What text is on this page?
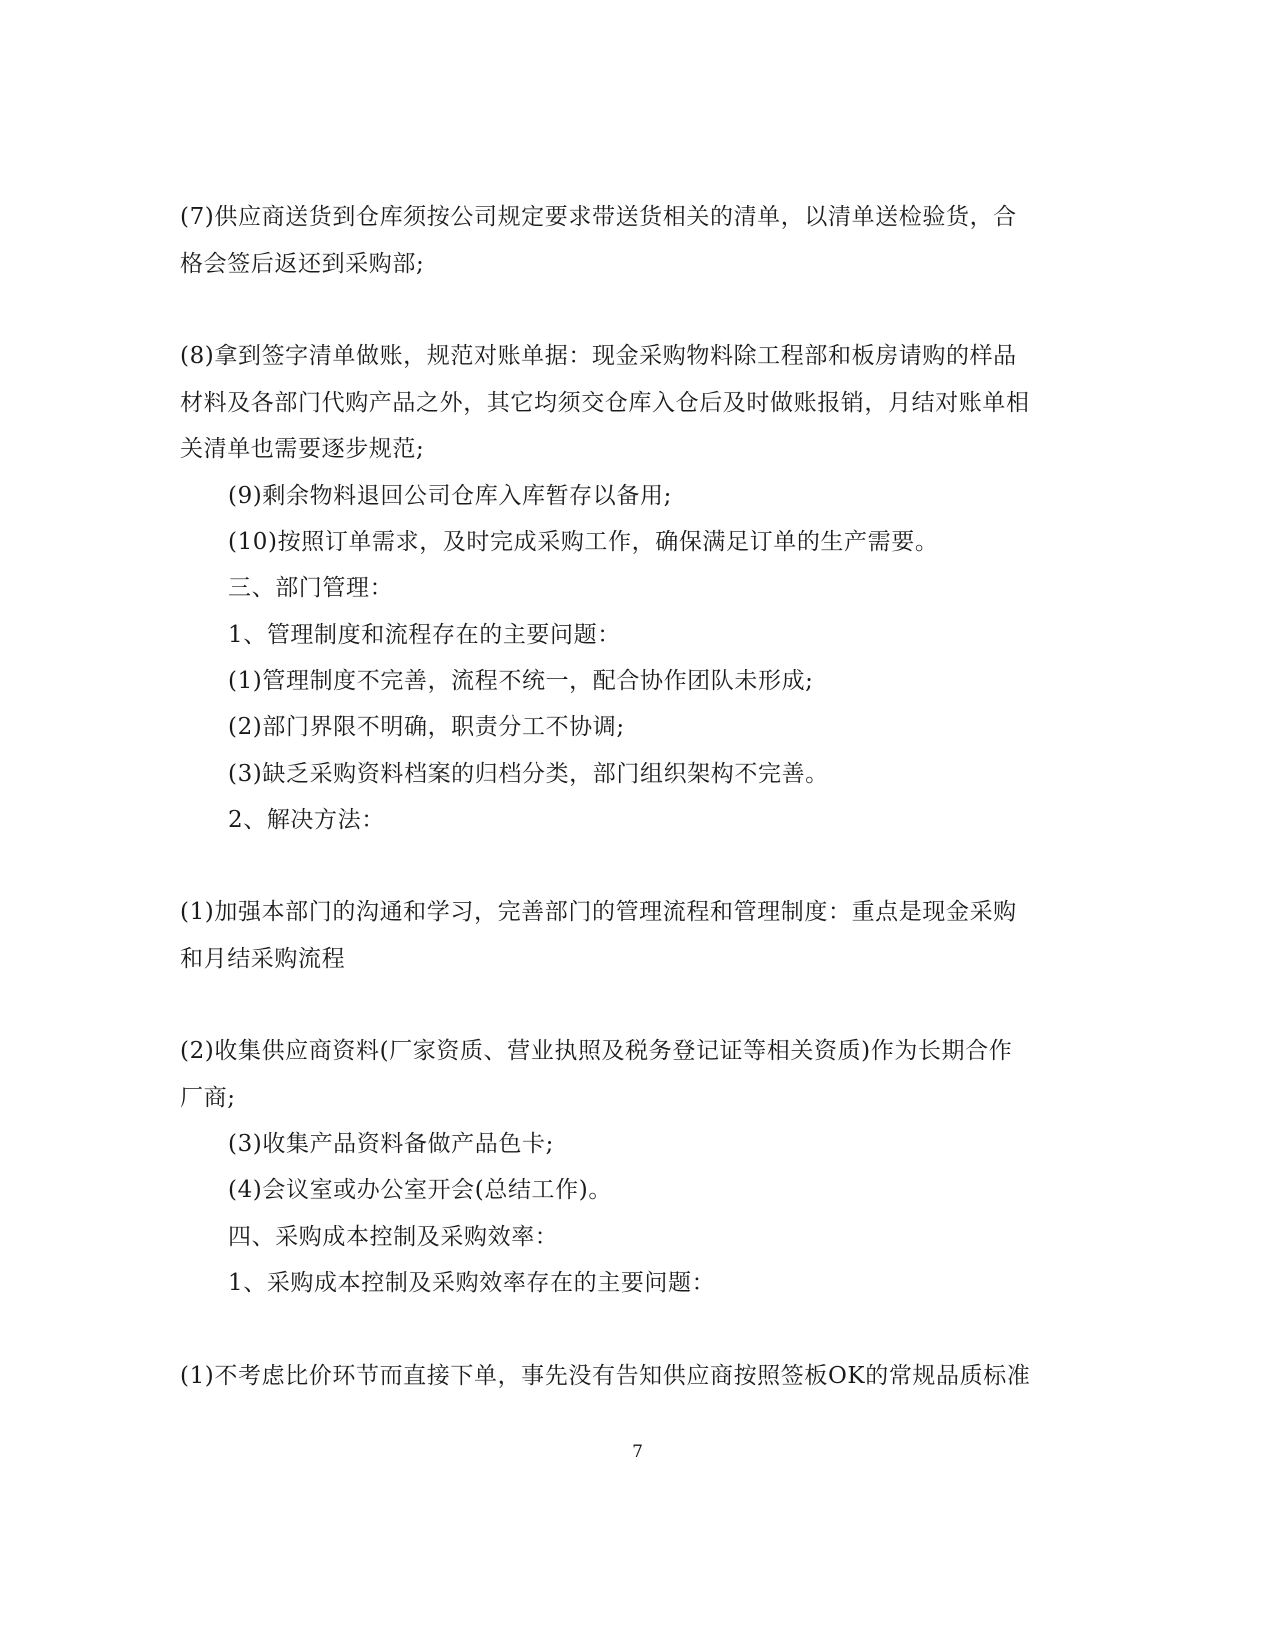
(7)供应商送货到仓库须按公司规定要求带送货相关的清单，以清单送检验货，合
格会签后返还到采购部;
(8)拿到签字清单做账，规范对账单据：现金采购物料除工程部和板房请购的样品
材料及各部门代购产品之外，其它均须交仓库入仓后及时做账报销，月结对账单相
关清单也需要逐步规范;
(9)剩余物料退回公司仓库入库暂存以备用;
(10)按照订单需求，及时完成采购工作，确保满足订单的生产需要。
三、部门管理：
1、管理制度和流程存在的主要问题：
(1)管理制度不完善，流程不统一，配合协作团队未形成;
(2)部门界限不明确，职责分工不协调;
(3)缺乏采购资料档案的归档分类，部门组织架构不完善。
2、解决方法：
(1)加强本部门的沟通和学习，完善部门的管理流程和管理制度：重点是现金采购
和月结采购流程
(2)收集供应商资料(厂家资质、营业执照及税务登记证等相关资质)作为长期合作
厂商;
(3)收集产品资料备做产品色卡;
(4)会议室或办公室开会(总结工作)。
四、采购成本控制及采购效率：
1、采购成本控制及采购效率存在的主要问题：
(1)不考虑比价环节而直接下单，事先没有告知供应商按照签板OK的常规品质标准
7
